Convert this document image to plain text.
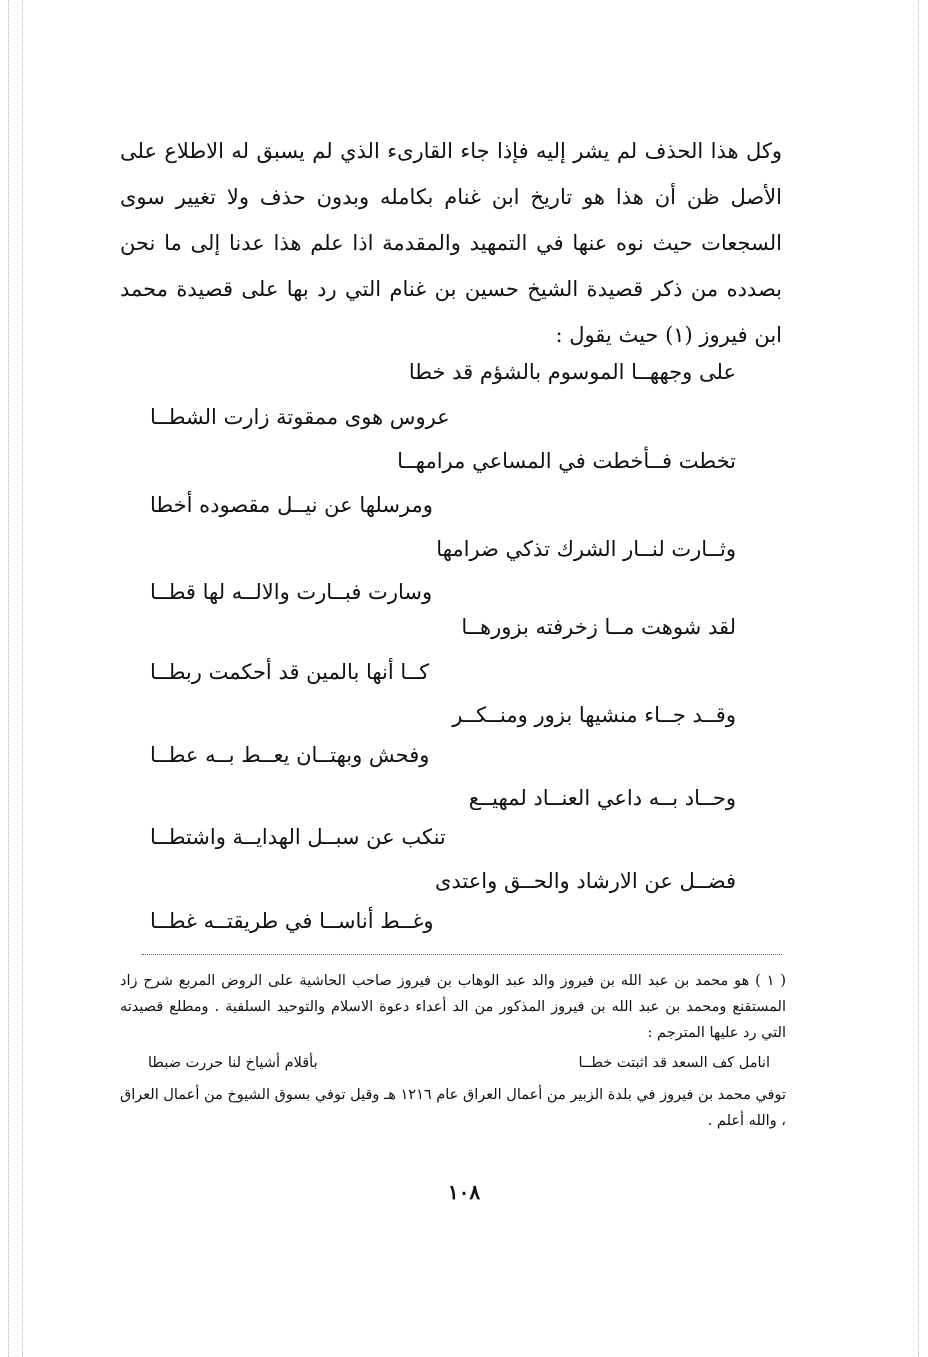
وكل هذا الحذف لم يشر إليه فإذا جاء القارىء الذي لم يسبق له الاطلاع على الأصل ظن أن هذا هو تاريخ ابن غنام بكامله وبدون حذف ولا تغيير سوى السجعات حيث نوه عنها في التمهيد والمقدمة اذا علم هذا عدنا إلى ما نحن بصدده من ذكر قصيدة الشيخ حسين بن غنام التي رد بها على قصيدة محمد ابن فيروز (١) حيث يقول :

على وجههــا الموسوم بالشؤم قد خطا
عروس هوى ممقوتة زارت الشطــا
تخطت فــأخطت في المساعي مرامهــا
ومرسلها عن نيــل مقصوده أخطا
وثــارت لنــار الشرك تذكي ضرامها
وسارت فبــارت والالــه لها قطــا
لقد شوهت مــا زخرفته بزورهــا
كــا أنها بالمين قد أحكمت ربطــا
وقــد جــاء منشيها بزور ومنــكــر
وفحش وبهتــان يعــط بــه عطــا
وحــاد بــه داعي العنــاد لمهيــع
تنكب عن سبــل الهدايــة واشتطــا
فضــل عن الارشاد والحــق واعتدى
وغــط أناســا في طريقتــه غطــا

( ١ ) هو محمد بن عبد الله بن فيروز والد عبد الوهاب بن فيروز صاحب الحاشية على الروض المربع شرح زاد المستقنع ومحمد بن عبد الله بن فيروز المذكور من الد أعداء دعوة الاسلام والتوحيد السلفية . ومطلع قصيدته التي رد عليها المترجم :

انامل كف السعد قد اثبتت خطــا
بأقلام أشياخ لنا حررت ضبطا

توفي محمد بن فيروز في بلدة الزبير من أعمال العراق عام ١٢١٦ هـ وقيل توفي بسوق الشيوخ من أعمال العراق ، والله أعلم .

١٠٨
